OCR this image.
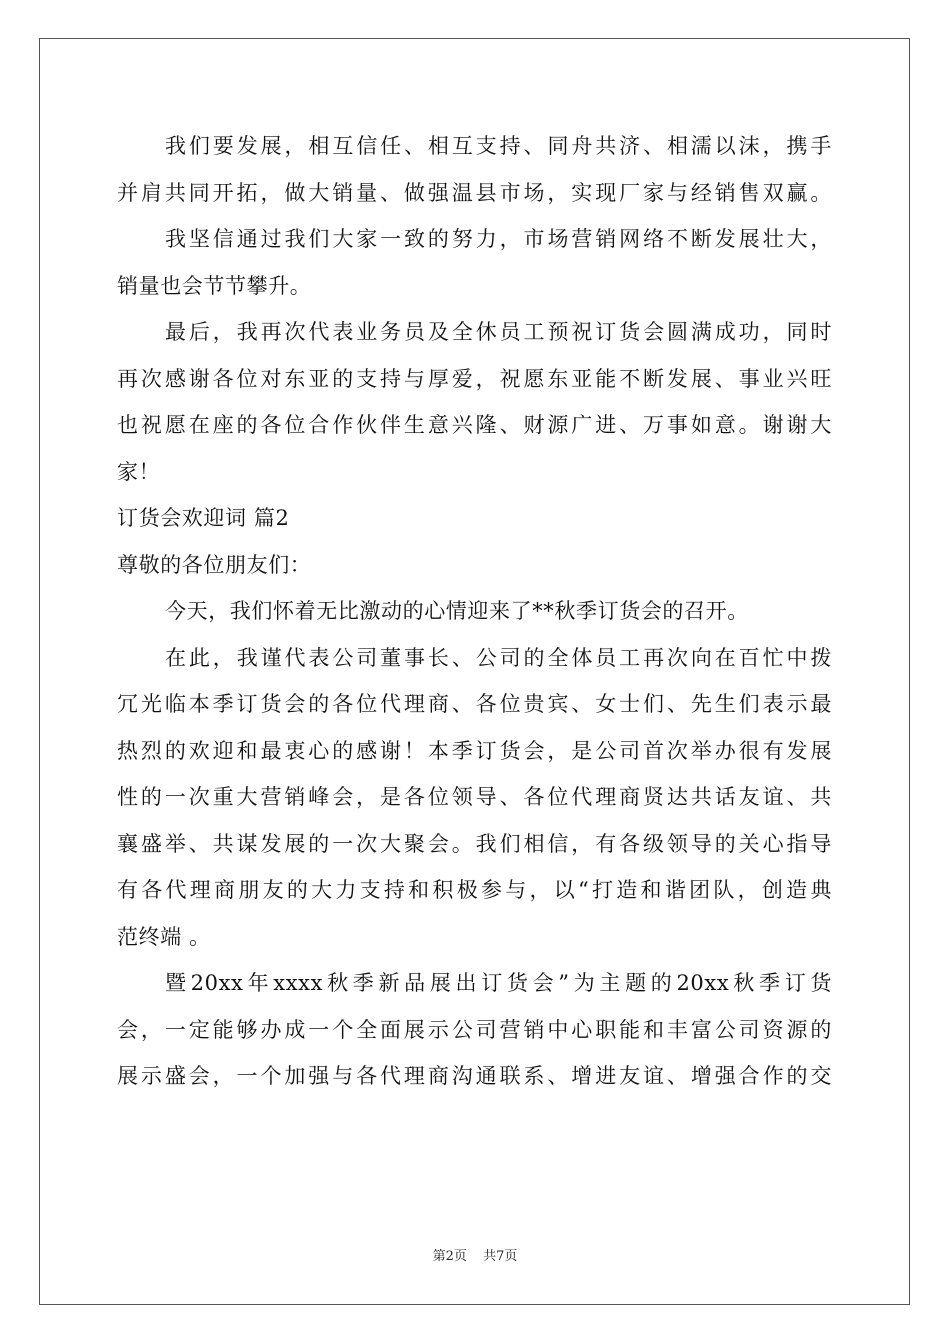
我们要发展，相互信任、相互支持、同舟共济、相濡以沫，携手
并肩共同开拓，做大销量、做强温县市场，实现厂家与经销售双赢。
我坚信通过我们大家一致的努力，市场营销网络不断发展壮大，
销量也会节节攀升。
最后，我再次代表业务员及全休员工预祝订货会圆满成功，同时
再次感谢各位对东亚的支持与厚爱，祝愿东亚能不断发展、事业兴旺
也祝愿在座的各位合作伙伴生意兴隆、财源广进、万事如意。谢谢大
家！
订货会欢迎词 篇2
尊敬的各位朋友们：
今天，我们怀着无比激动的心情迎来了**秋季订货会的召开。
在此，我谨代表公司董事长、公司的全体员工再次向在百忙中拨
冗光临本季订货会的各位代理商、各位贵宾、女士们、先生们表示最
热烈的欢迎和最衷心的感谢！本季订货会，是公司首次举办很有发展
性的一次重大营销峰会，是各位领导、各位代理商贤达共话友谊、共
襄盛举、共谋发展的一次大聚会。我们相信，有各级领导的关心指导
有各代理商朋友的大力支持和积极参与，以“打造和谐团队，创造典
范终端 。
暨20xx年xxxx秋季新品展出订货会”为主题的20xx秋季订货
会，一定能够办成一个全面展示公司营销中心职能和丰富公司资源的
展示盛会，一个加强与各代理商沟通联系、增进友谊、增强合作的交
第2页 共7页
